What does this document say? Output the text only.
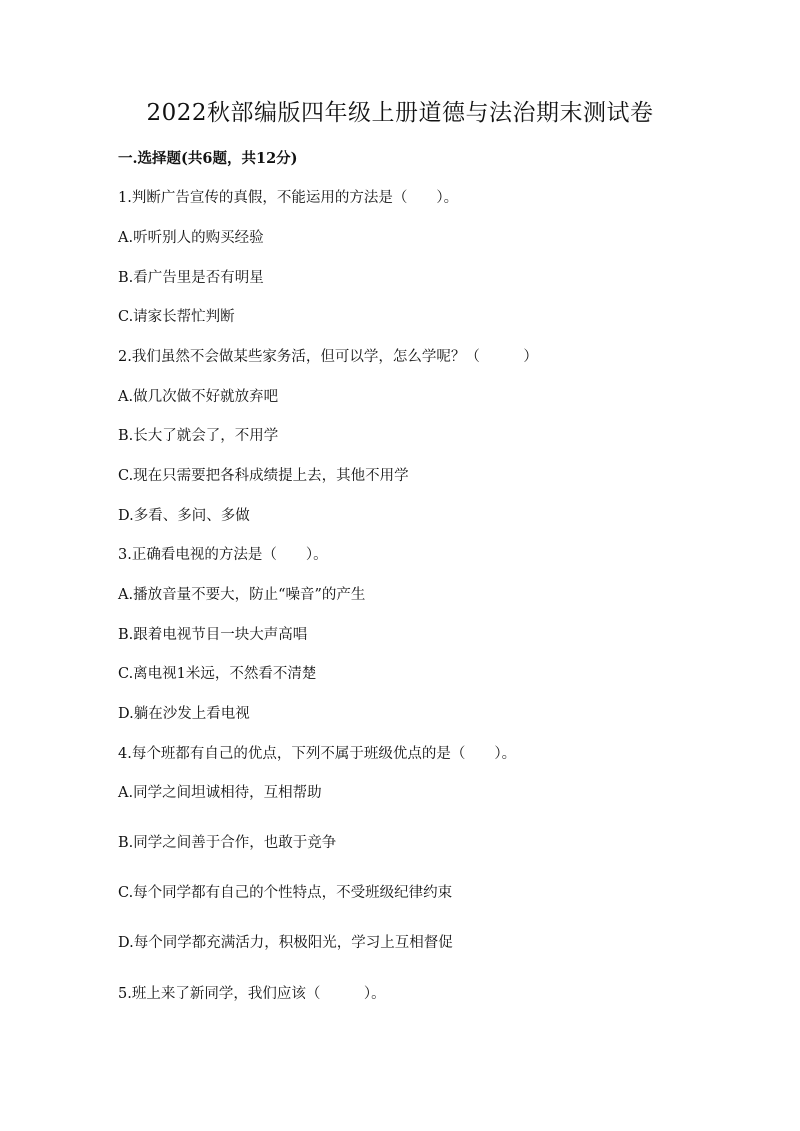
2022秋部编版四年级上册道德与法治期末测试卷
一.选择题(共6题，共12分)
1.判断广告宣传的真假，不能运用的方法是（　　）。
A.听听别人的购买经验
B.看广告里是否有明星
C.请家长帮忙判断
2.我们虽然不会做某些家务活，但可以学，怎么学呢？（　　　）
A.做几次做不好就放弃吧
B.长大了就会了，不用学
C.现在只需要把各科成绩提上去，其他不用学
D.多看、多问、多做
3.正确看电视的方法是（　　）。
A.播放音量不要大，防止“噪音”的产生
B.跟着电视节目一块大声高唱
C.离电视1米远，不然看不清楚
D.躺在沙发上看电视
4.每个班都有自己的优点，下列不属于班级优点的是（　　）。
A.同学之间坦诚相待，互相帮助
B.同学之间善于合作，也敢于竞争
C.每个同学都有自己的个性特点，不受班级纪律约束
D.每个同学都充满活力，积极阳光，学习上互相督促
5.班上来了新同学，我们应该（　　　）。
